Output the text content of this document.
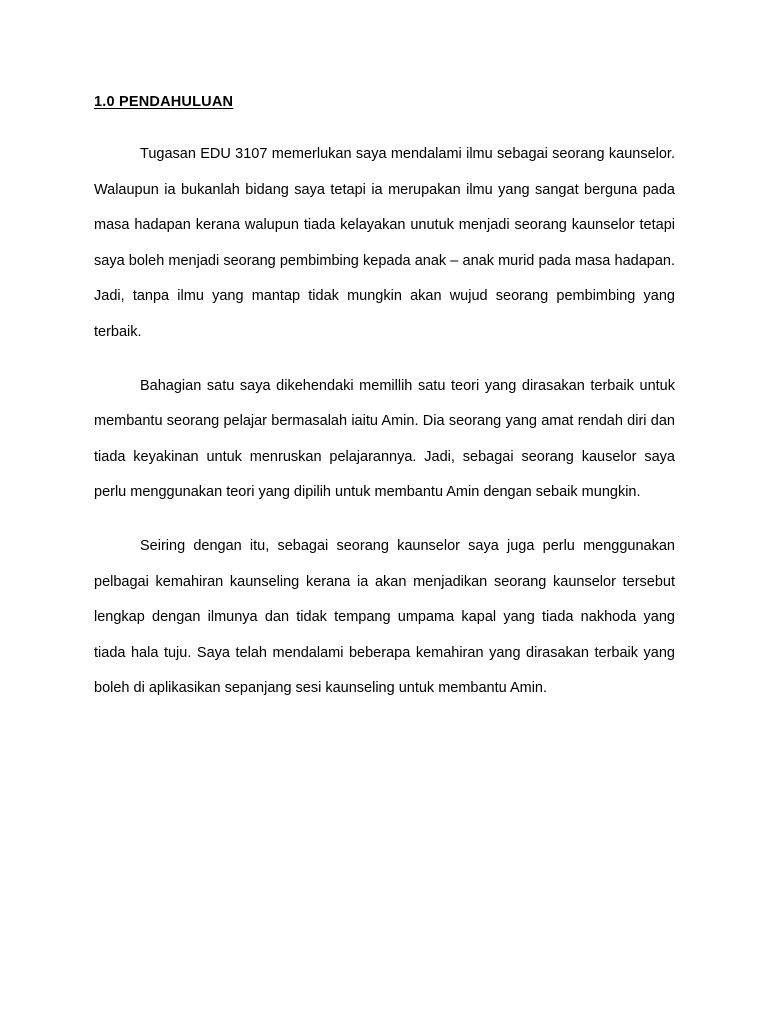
1.0 PENDAHULUAN

Tugasan EDU 3107 memerlukan saya mendalami ilmu sebagai seorang kaunselor. Walaupun ia bukanlah bidang saya tetapi ia merupakan ilmu yang sangat berguna pada masa hadapan kerana walupun tiada kelayakan unutuk menjadi seorang kaunselor tetapi saya boleh menjadi seorang pembimbing kepada anak – anak murid pada masa hadapan. Jadi, tanpa ilmu yang mantap tidak mungkin akan wujud seorang pembimbing yang terbaik.

Bahagian satu saya dikehendaki memillih satu teori yang dirasakan terbaik untuk membantu seorang pelajar bermasalah iaitu Amin. Dia seorang yang amat rendah diri dan tiada keyakinan untuk menruskan pelajarannya. Jadi, sebagai seorang kauselor saya perlu menggunakan teori yang dipilih untuk membantu Amin dengan sebaik mungkin.

Seiring dengan itu, sebagai seorang kaunselor saya juga perlu menggunakan pelbagai kemahiran kaunseling kerana ia akan menjadikan seorang kaunselor tersebut lengkap dengan ilmunya dan tidak tempang umpama kapal yang tiada nakhoda yang tiada hala tuju. Saya telah mendalami beberapa kemahiran yang dirasakan terbaik yang boleh di aplikasikan sepanjang sesi kaunseling untuk membantu Amin.
